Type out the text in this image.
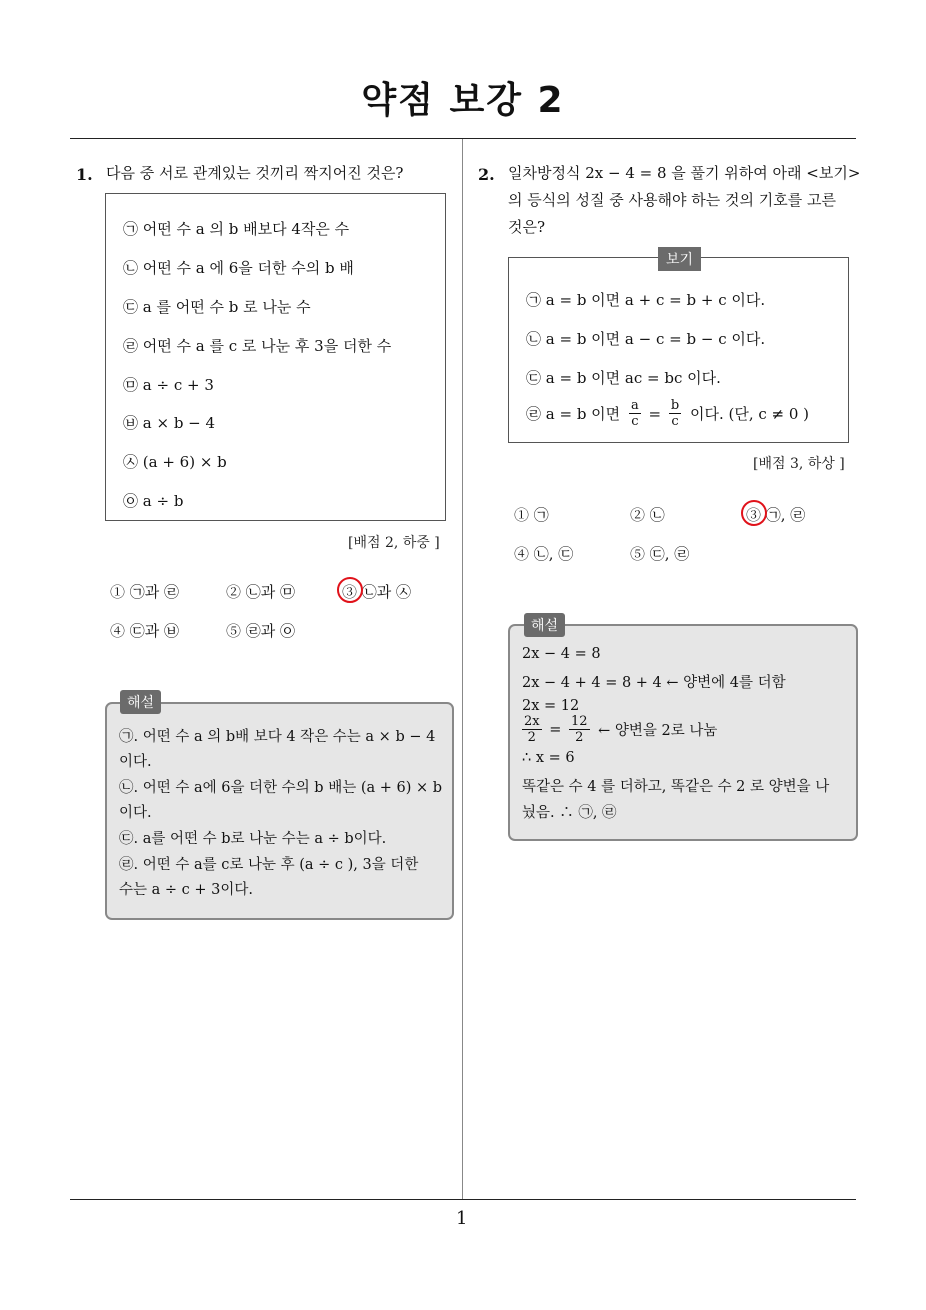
약점 보강 2
1. 다음 중 서로 관계있는 것끼리 짝지어진 것은?
㉠ 어떤 수 a 의 b 배보다 4작은 수
㉡ 어떤 수 a 에 6을 더한 수의 b 배
㉢ a 를 어떤 수 b 로 나눈 수
㉣ 어떤 수 a 를 c 로 나눈 후 3을 더한 수
㉤ a ÷ c + 3
㉥ a × b − 4
㉦ (a + 6) × b
㉧ a ÷ b
[배점 2, 하중 ]
① ㉠과 ㉣	② ㉡과 ㉤	③ ㉡과 ㉦
④ ㉢과 ㉥	⑤ ㉣과 ㉧
㉠. 어떤 수 a 의 b배 보다 4 작은 수는 a × b − 4
이다.
㉡. 어떤 수 a에 6을 더한 수의 b 배는 (a + 6) × b
이다.
㉢. a를 어떤 수 b로 나눈 수는 a ÷ b이다.
㉣. 어떤 수 a를 c로 나눈 후 (a ÷ c ), 3을 더한
수는 a ÷ c + 3이다.
해설
2. 일차방정식 2x − 4 = 8 을 풀기 위하여 아래 <보기>
의 등식의 성질 중 사용해야 하는 것의 기호를 고른
것은?
㉠ a = b 이면 a + c = b + c 이다.
㉡ a = b 이면 a − c = b − c 이다.
㉢ a = b 이면 ac = bc 이다.
㉣ a = b 이면 $\frac{a}{c} = \frac{b}{c}$ 이다. (단, c ≠ 0 )
보기
[배점 3, 하상 ]
① ㉠	② ㉡	③ ㉠, ㉣
④ ㉡, ㉢	⑤ ㉢, ㉣
2x − 4 = 8
2x − 4 + 4 = 8 + 4 ← 양변에 4를 더함
2x = 12
$\frac{2x}{2} = \frac{12}{2}$ ← 양변을 2로 나눔
∴ x = 6
똑같은 수 4 를 더하고, 똑같은 수 2 로 양변을 나
눴음. ∴ ㉠, ㉣
해설
1
